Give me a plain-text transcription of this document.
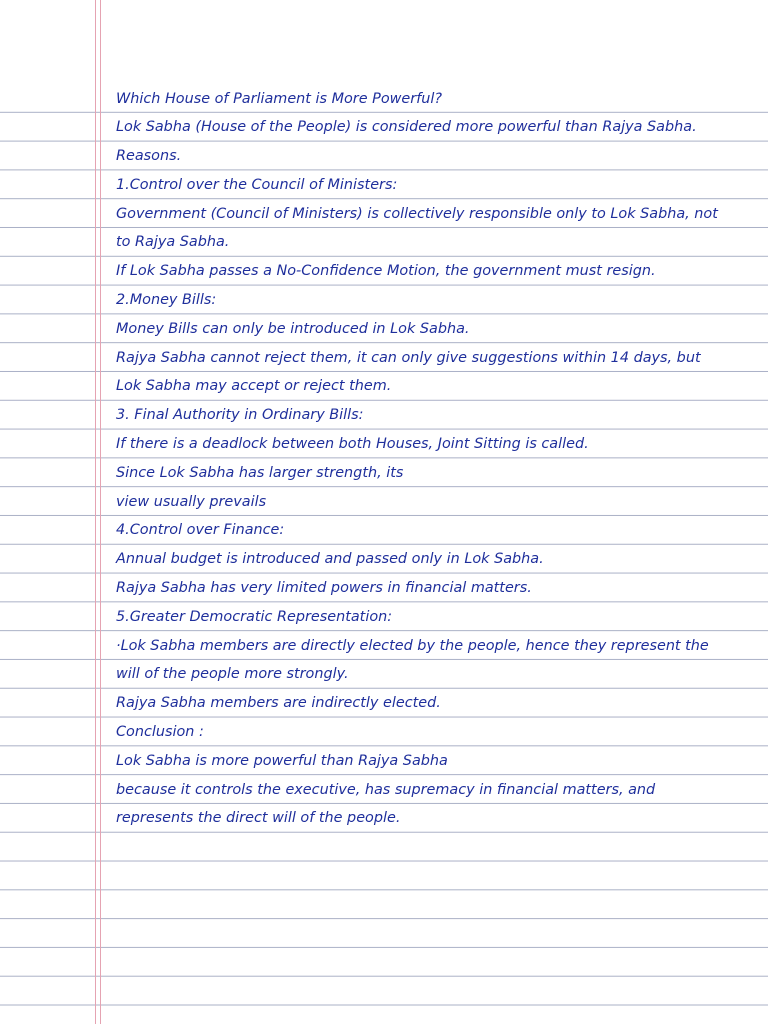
Which House of Parliament is More Powerful?
Lok Sabha (House of the People) is considered more powerful than Rajya Sabha.
Reasons.
1.Control over the Council of Ministers:
Government (Council of Ministers) is collectively responsible only to Lok Sabha, not
to Rajya Sabha.
If Lok Sabha passes a No-Confidence Motion, the government must resign.
2.Money Bills:
Money Bills can only be introduced in Lok Sabha.
Rajya Sabha cannot reject them, it can only give suggestions within 14 days, but
Lok Sabha may accept or reject them.
3. Final Authority in Ordinary Bills:
If there is a deadlock between both Houses, Joint Sitting is called.
Since Lok Sabha has larger strength, its
view usually prevails
4.Control over Finance:
Annual budget is introduced and passed only in Lok Sabha.
Rajya Sabha has very limited powers in financial matters.
5.Greater Democratic Representation:
·Lok Sabha members are directly elected by the people, hence they represent the
will of the people more strongly.
Rajya Sabha members are indirectly elected.
Conclusion :
Lok Sabha is more powerful than Rajya Sabha
because it controls the executive, has supremacy in financial matters, and
represents the direct will of the people.
